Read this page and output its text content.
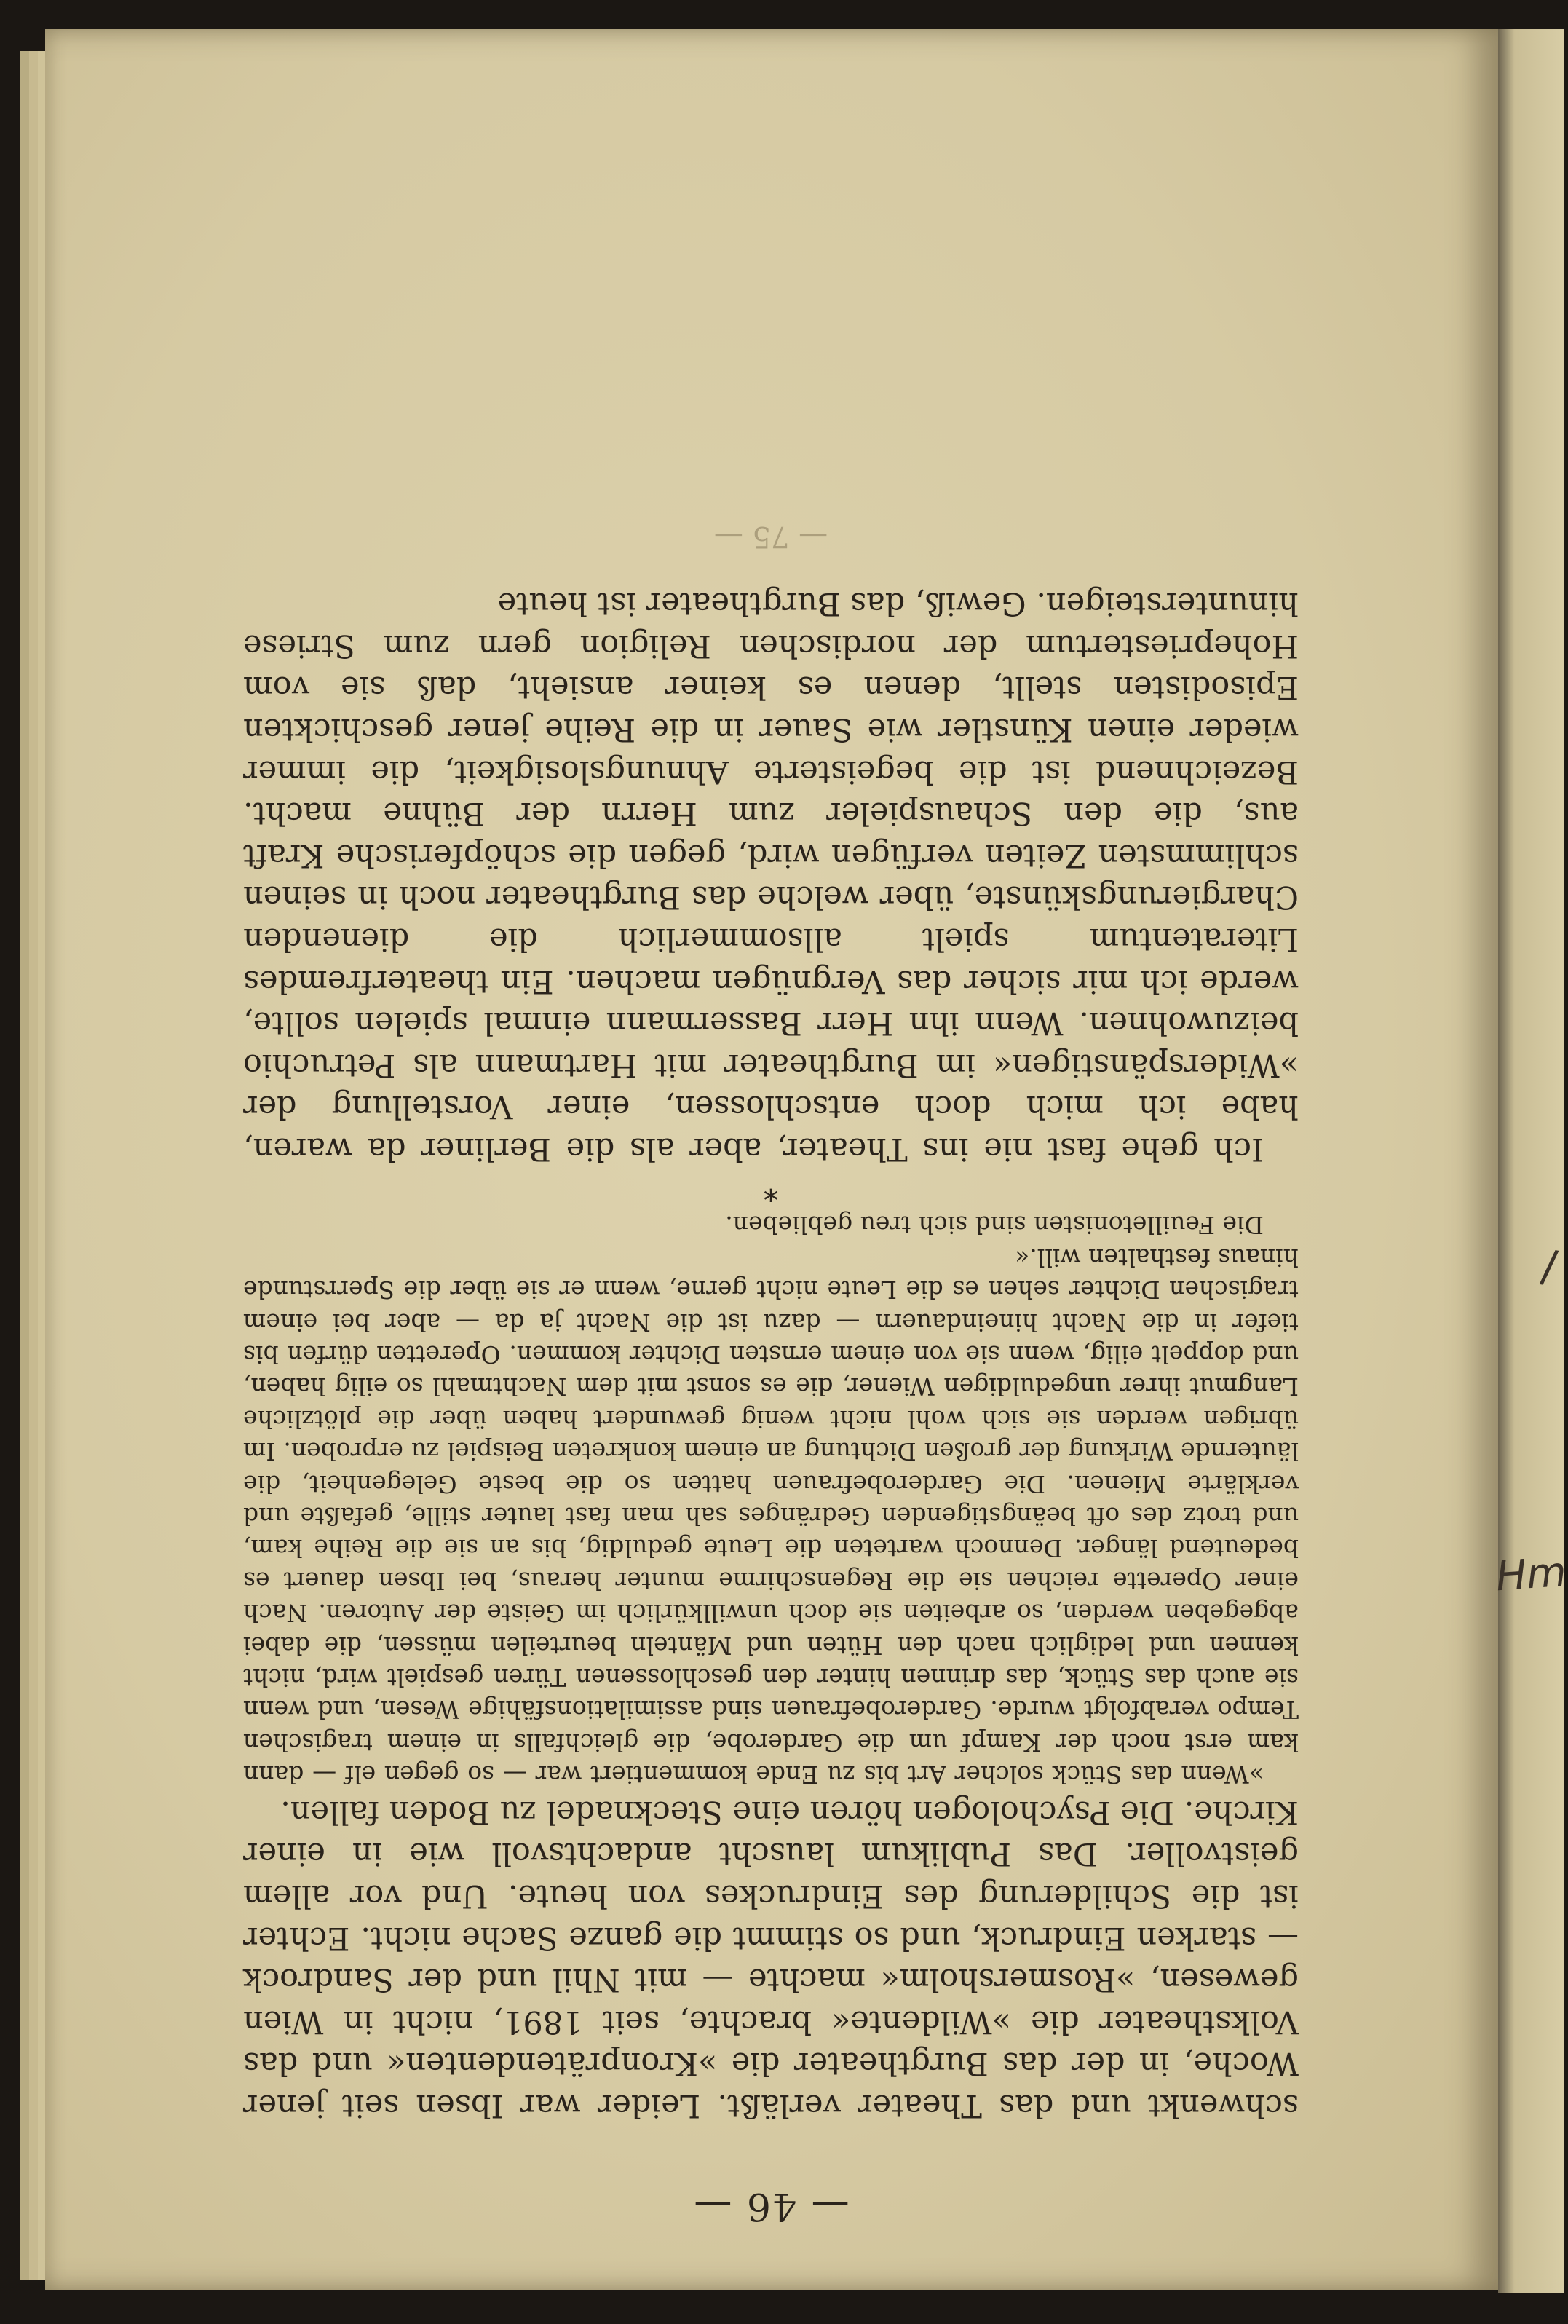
— 46 —

schwenkt und das Theater verläßt. Leider war Ibsen seit jener Woche, in der das Burgtheater die »Kronprätendenten« und das Volkstheater die »Wildente« brachte, seit 1891, nicht in Wien gewesen, »Rosmersholm« machte — mit Nhil und der Sandrock — starken Eindruck, und so stimmt die ganze Sache nicht. Echter ist die Schilderung des Eindruckes von heute. Und vor allem geistvoller. Das Publikum lauscht andachtsvoll wie in einer Kirche. Die Psychologen hören eine Stecknadel zu Boden fallen.

»Wenn das Stück solcher Art bis zu Ende kommentiert war — so gegen elf — dann kam erst noch der Kampf um die Garderobe, die gleichfalls in einem tragischen Tempo verabfolgt wurde. Garderobefrauen sind assimilationsfähige Wesen, und wenn sie auch das Stück, das drinnen hinter den geschlossenen Türen gespielt wird, nicht kennen und lediglich nach den Hüten und Mänteln beurteilen müssen, die dabei abgegeben werden, so arbeiten sie doch unwillkürlich im Geiste der Autoren. Nach einer Operette reichen sie die Regenschirme munter heraus, bei Ibsen dauert es bedeutend länger. Dennoch warteten die Leute geduldig, bis an sie die Reihe kam, und trotz des oft beängstigenden Gedränges sah man fast lauter stille, gefaßte und verklärte Mienen. Die Garderobefrauen hatten so die beste Gelegenheit, die läuternde Wirkung der großen Dichtung an einem konkreten Beispiel zu erproben. Im übrigen werden sie sich wohl nicht wenig gewundert haben über die plötzliche Langmut ihrer ungeduldigen Wiener, die es sonst mit dem Nachtmahl so eilig haben, und doppelt eilig, wenn sie von einem ernsten Dichter kommen. Operetten dürfen bis tiefer in die Nacht hineindauern — dazu ist die Nacht ja da — aber bei einem tragischen Dichter sehen es die Leute nicht gerne, wenn er sie über die Sperrstunde hinaus festhalten will.«

Die Feuilletonisten sind sich treu geblieben.

*

Ich gehe fast nie ins Theater, aber als die Berliner da waren, habe ich mich doch entschlossen, einer Vorstellung der »Widerspänstigen« im Burgtheater mit Hartmann als Petruchio beizuwohnen. Wenn ihn Herr Bassermann einmal spielen sollte, werde ich mir sicher das Vergnügen machen. Ein theaterfremdes Literatentum spielt allsommerlich die dienenden Chargierungskünste, über welche das Burgtheater noch in seinen schlimmsten Zeiten verfügen wird, gegen die schöpferische Kraft aus, die den Schauspieler zum Herrn der Bühne macht. Bezeichnend ist die begeisterte Ahnungslosigkeit, die immer wieder einen Künstler wie Sauer in die Reihe jener geschickten Episodisten stellt, denen es keiner ansieht, daß sie vom Hohepriestertum der nordischen Religion gern zum Striese hinuntersteigen. Gewiß, das Burgtheater ist heute

— 75 —
/
Hm
